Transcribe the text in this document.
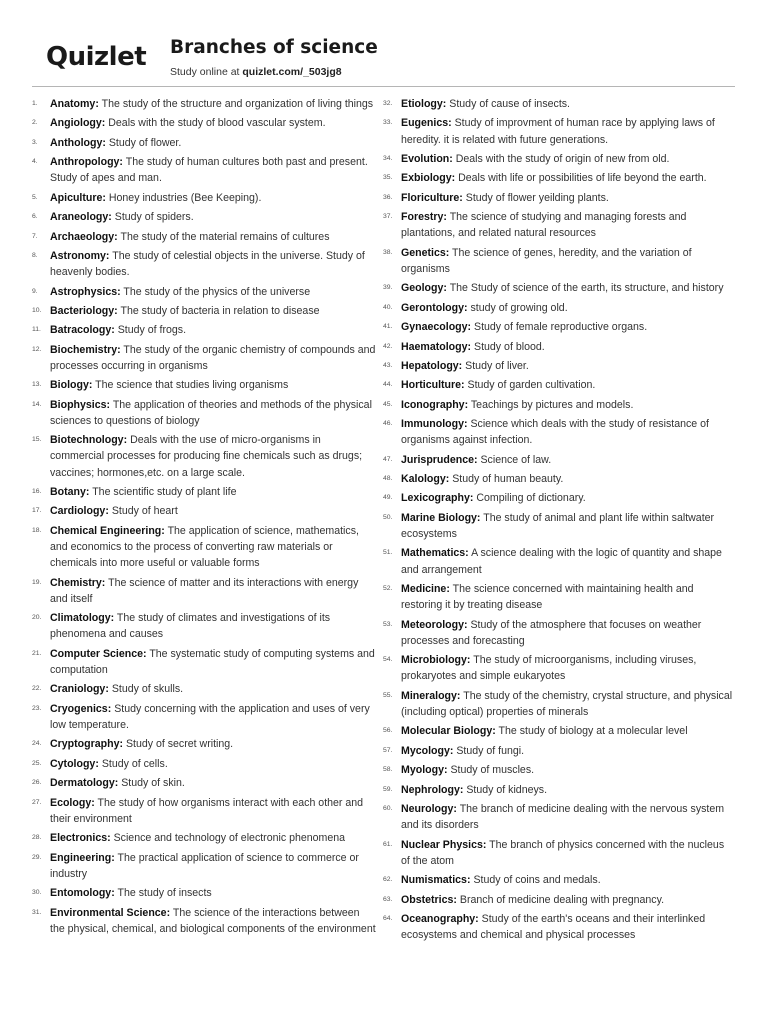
Quizlet Branches of science
Study online at quizlet.com/_503jg8
1.	Anatomy: The study of the structure and organization of living things
2.	Angiology: Deals with the study of blood vascular system.
3.	Anthology: Study of flower.
4.	Anthropology: The study of human cultures both past and present. Study of apes and man.
5.	Apiculture: Honey industries (Bee Keeping).
6.	Araneology: Study of spiders.
7.	Archaeology: The study of the material remains of cultures
8.	Astronomy: The study of celestial objects in the universe. Study of heavenly bodies.
9.	Astrophysics: The study of the physics of the universe
10. Bacteriology: The study of bacteria in relation to disease
11. Batracology: Study of frogs.
12. Biochemistry: The study of the organic chemistry of compounds and processes occurring in organisms
13. Biology: The science that studies living organisms
14. Biophysics: The application of theories and methods of the physical sciences to questions of biology
15. Biotechnology: Deals with the use of micro-organisms in commercial processes for producing fine chemicals such as drugs; vaccines; hormones,etc. on a large scale.
16. Botany: The scientific study of plant life
17. Cardiology: Study of heart
18. Chemical Engineering: The application of science, mathematics, and economics to the process of converting raw materials or chemicals into more useful or valuable forms
19. Chemistry: The science of matter and its interactions with energy and itself
20. Climatology: The study of climates and investigations of its phenomena and causes
21. Computer Science: The systematic study of computing systems and computation
22. Craniology: Study of skulls.
23. Cryogenics: Study concerning with the application and uses of very low temperature.
24. Cryptography: Study of secret writing.
25. Cytology: Study of cells.
26. Dermatology: Study of skin.
27. Ecology: The study of how organisms interact with each other and their environment
28. Electronics: Science and technology of electronic phenomena
29. Engineering: The practical application of science to commerce or industry
30. Entomology: The study of insects
31. Environmental Science: The science of the interactions between the physical, chemical, and biological components of the environment
32. Etiology: Study of cause of insects.
33. Eugenics: Study of improvment of human race by applying laws of heredity. it is related with future generations.
34. Evolution: Deals with the study of origin of new from old.
35. Exbiology: Deals with life or possibilities of life beyond the earth.
36. Floriculture: Study of flower yeilding plants.
37. Forestry: The science of studying and managing forests and plantations, and related natural resources
38. Genetics: The science of genes, heredity, and the variation of organisms
39. Geology: The Study of science of the earth, its structure, and history
40. Gerontology: study of growing old.
41. Gynaecology: Study of female reproductive organs.
42. Haematology: Study of blood.
43. Hepatology: Study of liver.
44. Horticulture: Study of garden cultivation.
45. Iconography: Teachings by pictures and models.
46. Immunology: Science which deals with the study of resistance of organisms against infection.
47. Jurisprudence: Science of law.
48. Kalology: Study of human beauty.
49. Lexicography: Compiling of dictionary.
50. Marine Biology: The study of animal and plant life within saltwater ecosystems
51. Mathematics: A science dealing with the logic of quantity and shape and arrangement
52. Medicine: The science concerned with maintaining health and restoring it by treating disease
53. Meteorology: Study of the atmosphere that focuses on weather processes and forecasting
54. Microbiology: The study of microorganisms, including viruses, prokaryotes and simple eukaryotes
55. Mineralogy: The study of the chemistry, crystal structure, and physical (including optical) properties of minerals
56. Molecular Biology: The study of biology at a molecular level
57. Mycology: Study of fungi.
58. Myology: Study of muscles.
59. Nephrology: Study of kidneys.
60. Neurology: The branch of medicine dealing with the nervous system and its disorders
61. Nuclear Physics: The branch of physics concerned with the nucleus of the atom
62. Numismatics: Study of coins and medals.
63. Obstetrics: Branch of medicine dealing with pregnancy.
64. Oceanography: Study of the earth's oceans and their interlinked ecosystems and chemical and physical processes
